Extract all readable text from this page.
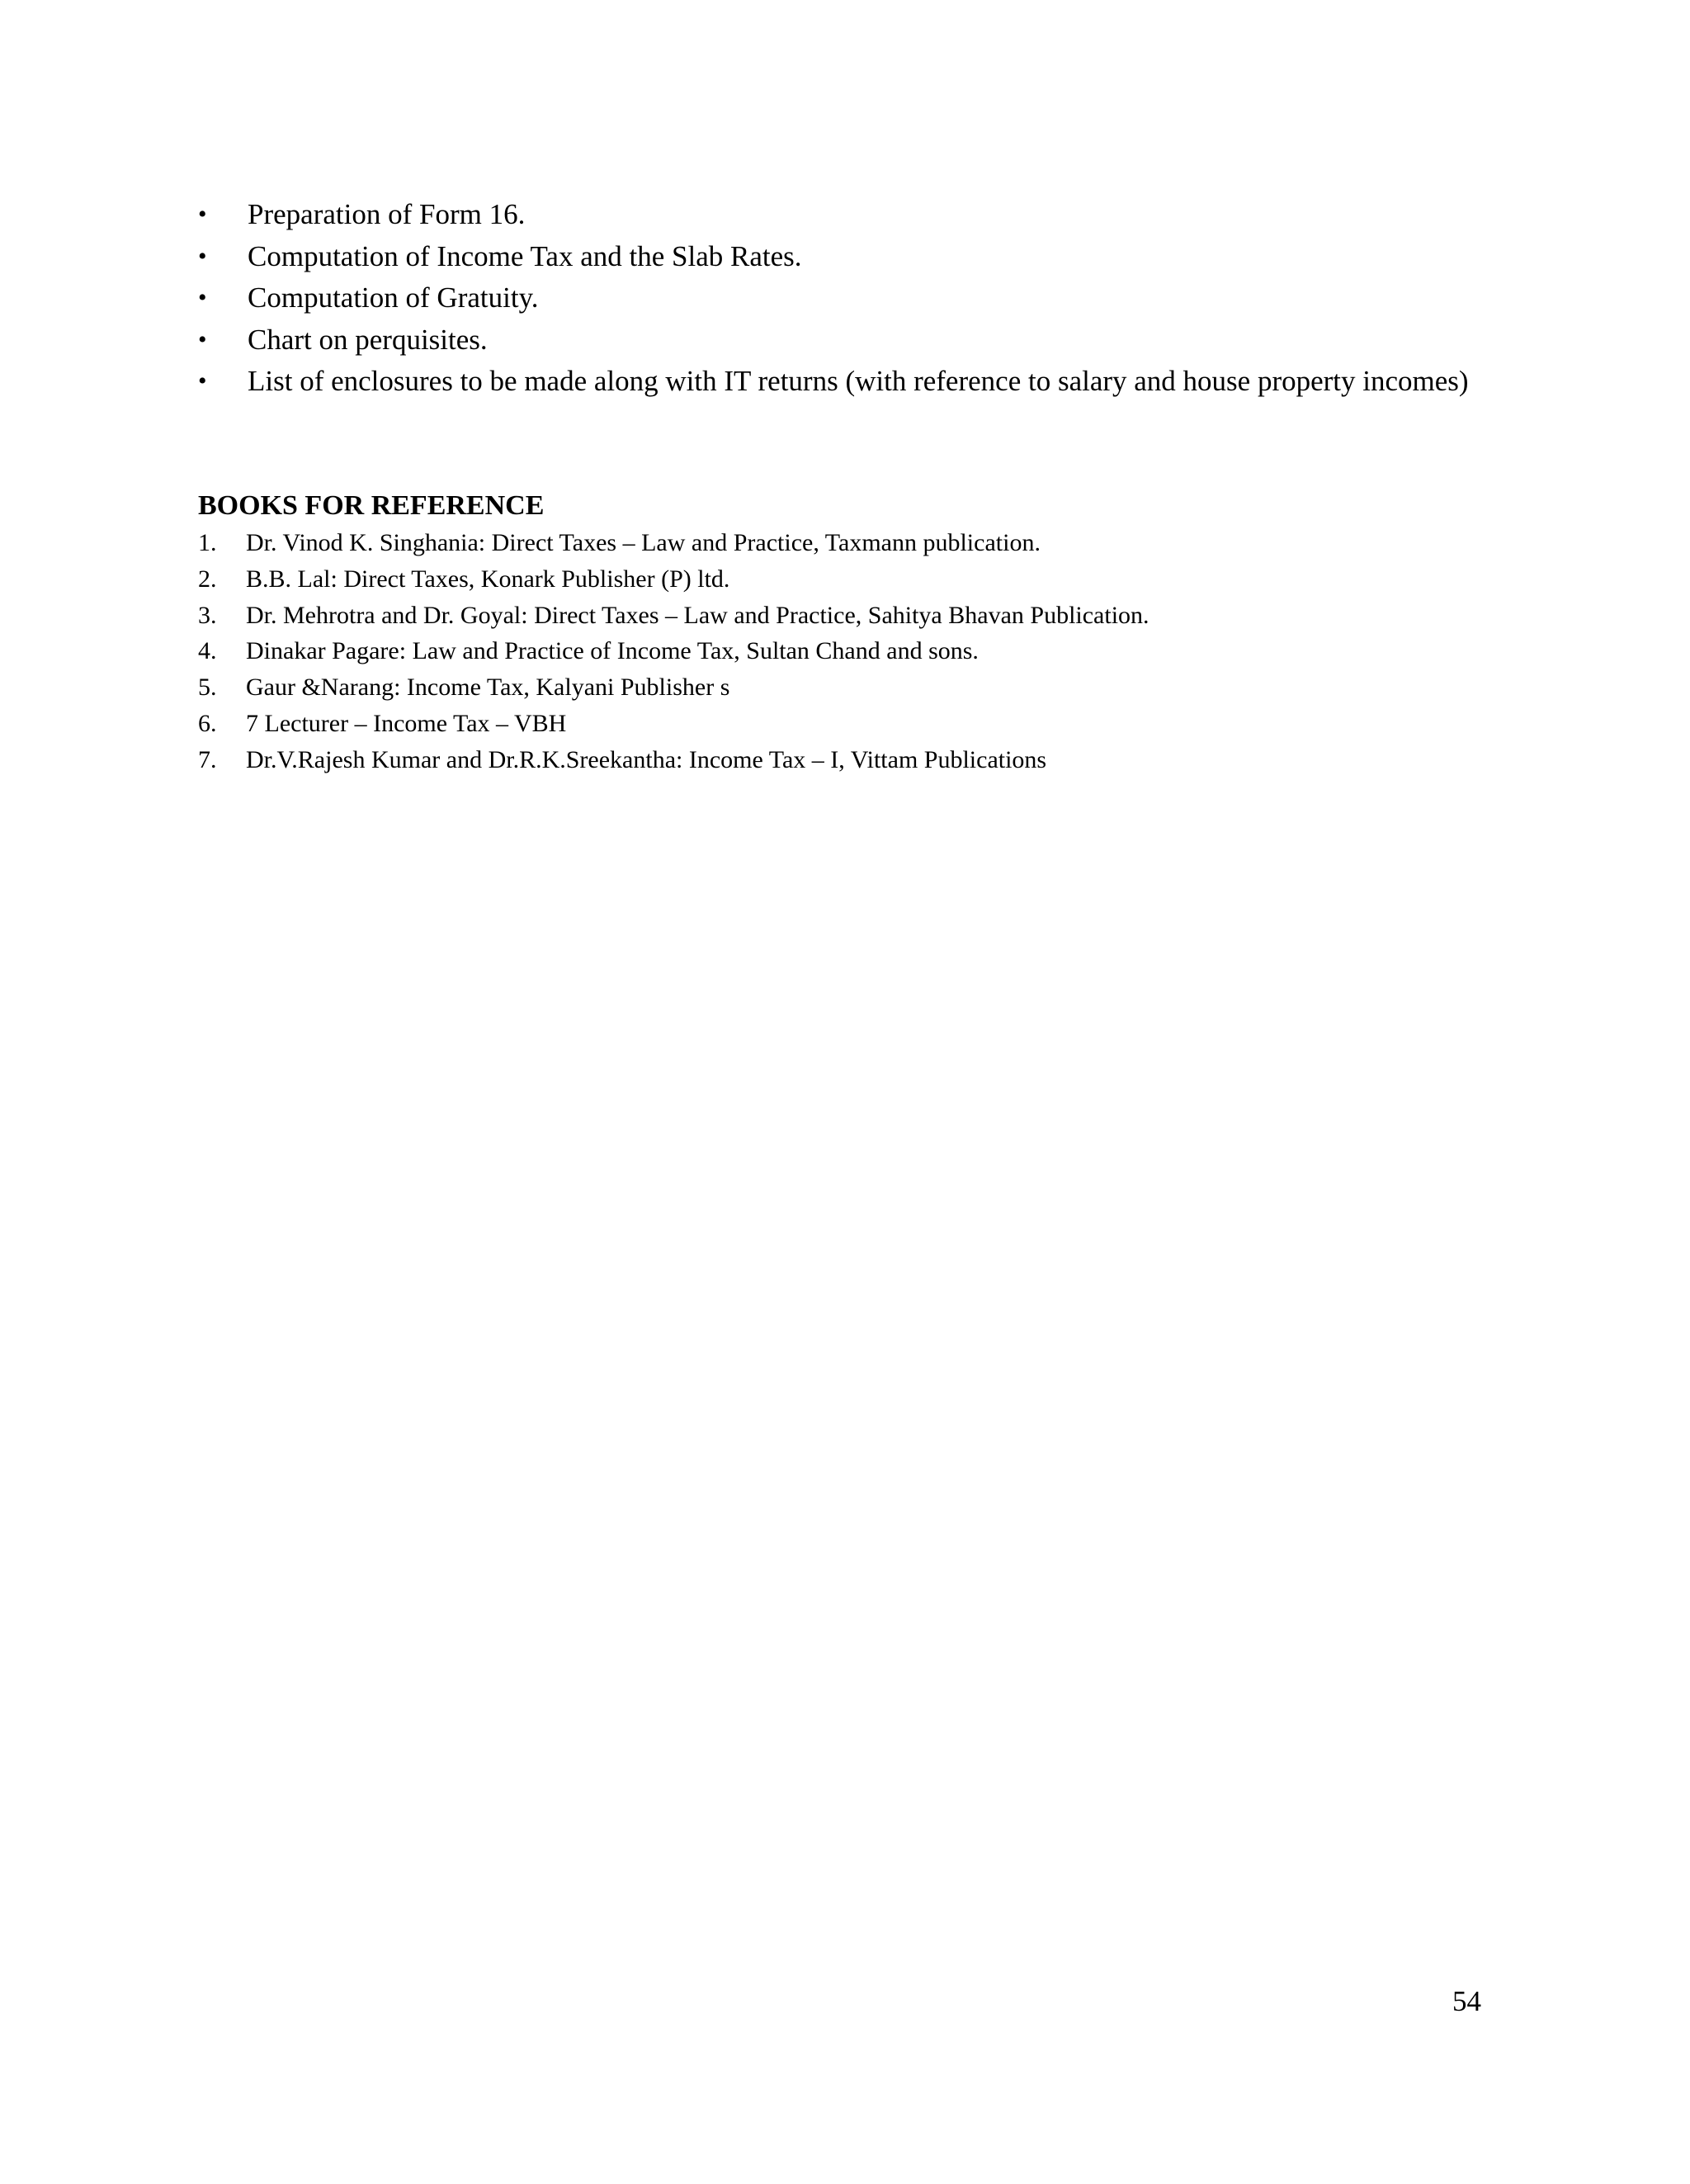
•	Preparation of Form 16.
•	Computation of Income Tax and the Slab Rates.
•	Computation of Gratuity.
•	Chart on perquisites.
•	List of enclosures to be made along with IT returns (with reference to salary and house property incomes)
BOOKS FOR REFERENCE
1. Dr. Vinod K. Singhania: Direct Taxes – Law and Practice, Taxmann publication.
2. B.B. Lal: Direct Taxes, Konark Publisher (P) ltd.
3. Dr. Mehrotra and Dr. Goyal: Direct Taxes – Law and Practice, Sahitya Bhavan Publication.
4. Dinakar Pagare: Law and Practice of Income Tax, Sultan Chand and sons.
5. Gaur &Narang: Income Tax, Kalyani Publisher s
6. 7 Lecturer – Income Tax – VBH
7. Dr.V.Rajesh Kumar and Dr.R.K.Sreekantha: Income Tax – I, Vittam Publications
54
